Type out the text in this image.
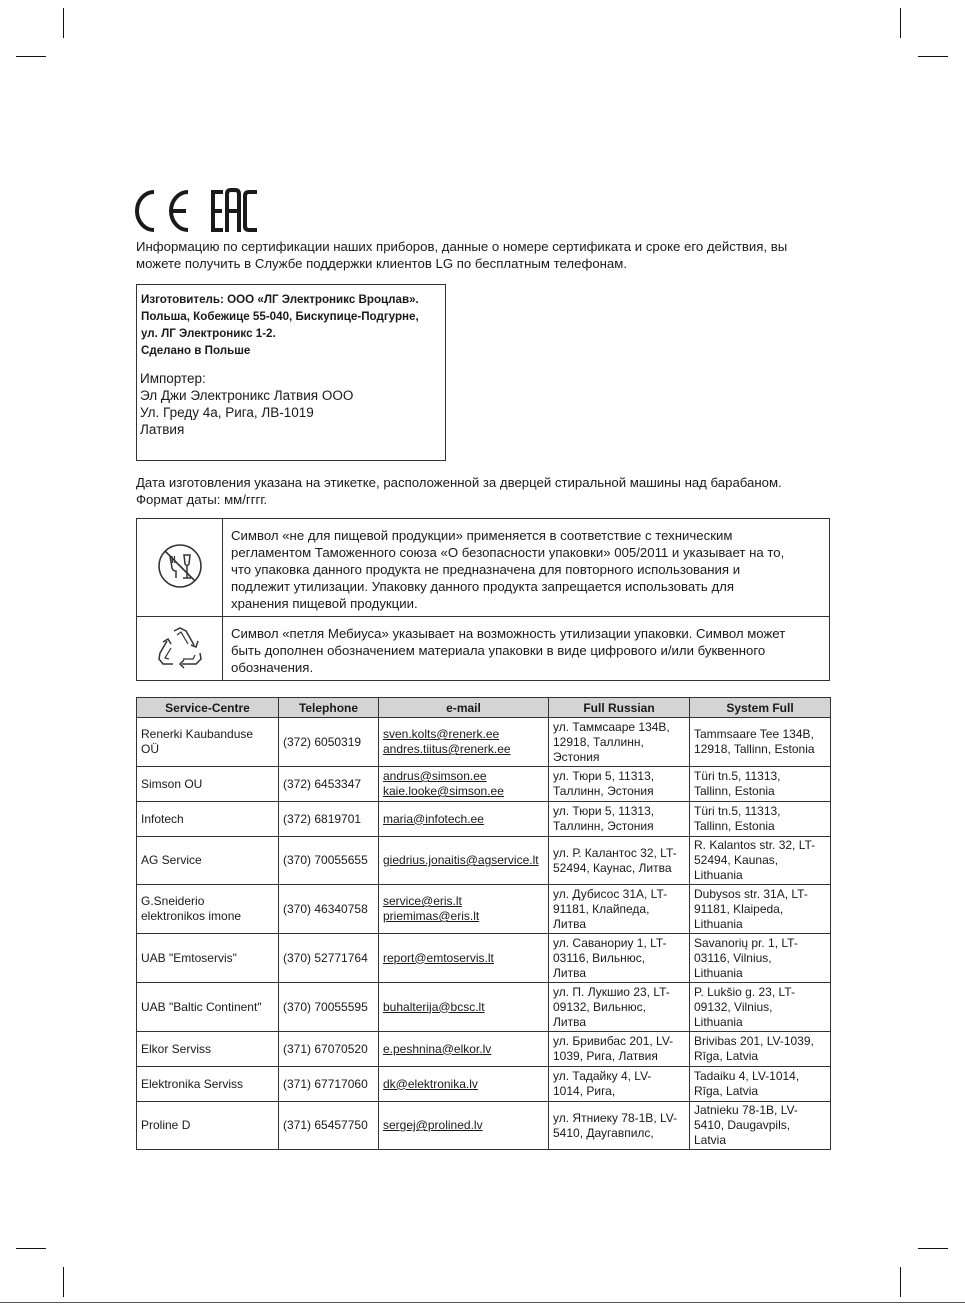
Информацию по сертификации наших приборов, данные о номере сертификата и сроке его действия, вы
можете получить в Службе поддержки клиентов LG по бесплатным телефонам.
Изготовитель: ООО «ЛГ Электроникс Вроцлав».
Польша, Кобежице 55-040, Бискупице-Подгурне,
ул. ЛГ Электроникс 1-2.
Сделано в Польше
Импортер:
Эл Джи Электроникс Латвия ООО
Ул. Греду 4а, Рига, ЛВ-1019
Латвия
Дата изготовления указана на этикетке, расположенной за дверцей стиральной машины над барабаном.
Формат даты: мм/гггг.

Символ «не для пищевой продукции» применяется в соответствие с техническим
регламентом Таможенного союза «О безопасности упаковки» 005/2011 и указывает на то,
что упаковка данного продукта не предназначена для повторного использования и
подлежит утилизации. Упаковку данного продукта запрещается использовать для
хранения пищевой продукции.

Символ «петля Мебиуса» указывает на возможность утилизации упаковки. Символ может
быть дополнен обозначением материала упаковки в виде цифрового и/или буквенного
обозначения.
Service-Centre	Telephone	e-mail	Full Russian	System Full

Renerki Kaubanduse
OÜ	(372) 6050319	sven.kolts@renerk.ee
andres.tiitus@renerk.ee	ул. Таммсааре 134В,
12918, Таллинн,
Эстония	Tammsaare Tee 134B,
12918, Tallinn, Estonia

Simson OU	(372) 6453347	andrus@simson.ee
kaie.looke@simson.ee	ул. Тюри 5, 11313,
Таллинн, Эстония	Türi tn.5, 11313,
Tallinn, Estonia

Infotech	(372) 6819701	maria@infotech.ee	ул. Тюри 5, 11313,
Таллинн, Эстония	Türi tn.5, 11313,
Tallinn, Estonia

AG Service	(370) 70055655	giedrius.jonaitis@agservice.lt	ул. Р. Калантос 32, LT-
52494, Каунас, Литва	R. Kalantos str. 32, LT-
52494, Kaunas,
Lithuania

G.Sneiderio
elektronikos imone	(370) 46340758	service@eris.lt
priemimas@eris.lt	ул. Дубисос 31А, LT-
91181, Клайпеда,
Литва	Dubysos str. 31A, LT-
91181, Klaipeda,
Lithuania

UAB "Emtoservis"	(370) 52771764	report@emtoservis.lt	ул. Саванориу 1, LT-
03116, Вильнюс,
Литва	Savanorių pr. 1, LT-
03116, Vilnius,
Lithuania

UAB "Baltic Continent"	(370) 70055595	buhalterija@bcsc.lt	ул. П. Лукшио 23, LT-
09132, Вильнюс,
Литва	P. Lukšio g. 23, LT-
09132, Vilnius,
Lithuania

Elkor Serviss	(371) 67070520	e.peshnina@elkor.lv	ул. Бривибас 201, LV-
1039, Рига, Латвия	Brivibas 201, LV-1039,
Rīga, Latvia

Elektronika Serviss	(371) 67717060	dk@elektronika.lv	ул. Тадайку 4, LV-
1014, Рига,	Tadaiku 4, LV-1014,
Rīga, Latvia

Proline D	(371) 65457750	sergej@prolined.lv	ул. Ятниеку 78-1В, LV-
5410, Даугавпилс,	Jatnieku 78-1B, LV-
5410, Daugavpils,
Latvia
